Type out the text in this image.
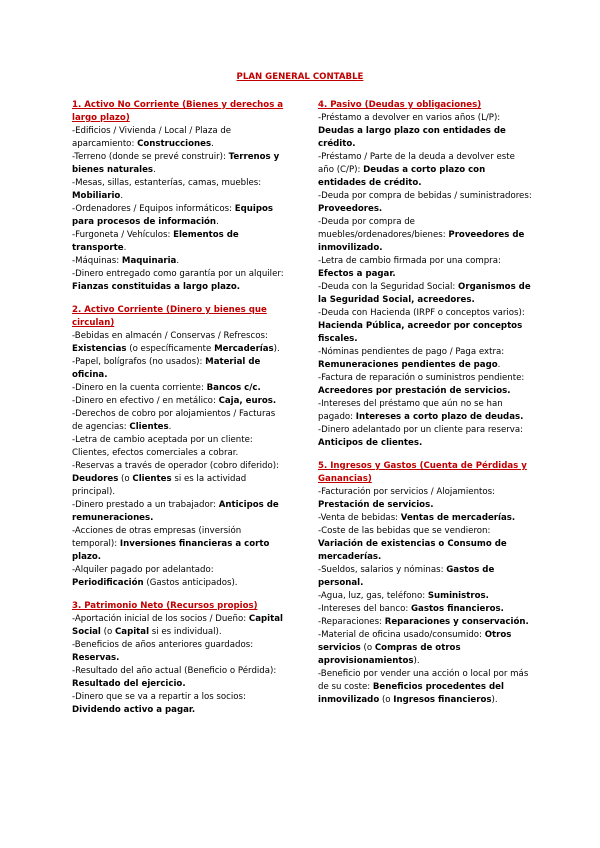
PLAN GENERAL CONTABLE
1. Activo No Corriente (Bienes y derechos a largo plazo)
-Edificios / Vivienda / Local / Plaza de aparcamiento: Construcciones.
-Terreno (donde se prevé construir): Terrenos y bienes naturales.
-Mesas, sillas, estanterías, camas, muebles: Mobiliario.
-Ordenadores / Equipos informáticos: Equipos para procesos de información.
-Furgoneta / Vehículos: Elementos de transporte.
-Máquinas: Maquinaria.
-Dinero entregado como garantía por un alquiler: Fianzas constituidas a largo plazo.
2. Activo Corriente (Dinero y bienes que circulan)
-Bebidas en almacén / Conservas / Refrescos: Existencias (o específicamente Mercaderías).
-Papel, bolígrafos (no usados): Material de oficina.
-Dinero en la cuenta corriente: Bancos c/c.
-Dinero en efectivo / en metálico: Caja, euros.
-Derechos de cobro por alojamientos / Facturas de agencias: Clientes.
-Letra de cambio aceptada por un cliente: Clientes, efectos comerciales a cobrar.
-Reservas a través de operador (cobro diferido): Deudores (o Clientes si es la actividad principal).
-Dinero prestado a un trabajador: Anticipos de remuneraciones.
-Acciones de otras empresas (inversión temporal): Inversiones financieras a corto plazo.
-Alquiler pagado por adelantado: Periodificación (Gastos anticipados).
3. Patrimonio Neto (Recursos propios)
-Aportación inicial de los socios / Dueño: Capital Social (o Capital si es individual).
-Beneficios de años anteriores guardados: Reservas.
-Resultado del año actual (Beneficio o Pérdida): Resultado del ejercicio.
-Dinero que se va a repartir a los socios: Dividendo activo a pagar.
4. Pasivo (Deudas y obligaciones)
-Préstamo a devolver en varios años (L/P): Deudas a largo plazo con entidades de crédito.
-Préstamo / Parte de la deuda a devolver este año (C/P): Deudas a corto plazo con entidades de crédito.
-Deuda por compra de bebidas / suministradores: Proveedores.
-Deuda por compra de muebles/ordenadores/bienes: Proveedores de inmovilizado.
-Letra de cambio firmada por una compra: Efectos a pagar.
-Deuda con la Seguridad Social: Organismos de la Seguridad Social, acreedores.
-Deuda con Hacienda (IRPF o conceptos varios): Hacienda Pública, acreedor por conceptos fiscales.
-Nóminas pendientes de pago / Paga extra: Remuneraciones pendientes de pago.
-Factura de reparación o suministros pendiente: Acreedores por prestación de servicios.
-Intereses del préstamo que aún no se han pagado: Intereses a corto plazo de deudas.
-Dinero adelantado por un cliente para reserva: Anticipos de clientes.
5. Ingresos y Gastos (Cuenta de Pérdidas y Ganancias)
-Facturación por servicios / Alojamientos: Prestación de servicios.
-Venta de bebidas: Ventas de mercaderías.
-Coste de las bebidas que se vendieron: Variación de existencias o Consumo de mercaderías.
-Sueldos, salarios y nóminas: Gastos de personal.
-Agua, luz, gas, teléfono: Suministros.
-Intereses del banco: Gastos financieros.
-Reparaciones: Reparaciones y conservación.
-Material de oficina usado/consumido: Otros servicios (o Compras de otros aprovisionamientos).
-Beneficio por vender una acción o local por más de su coste: Beneficios procedentes del inmovilizado (o Ingresos financieros).
